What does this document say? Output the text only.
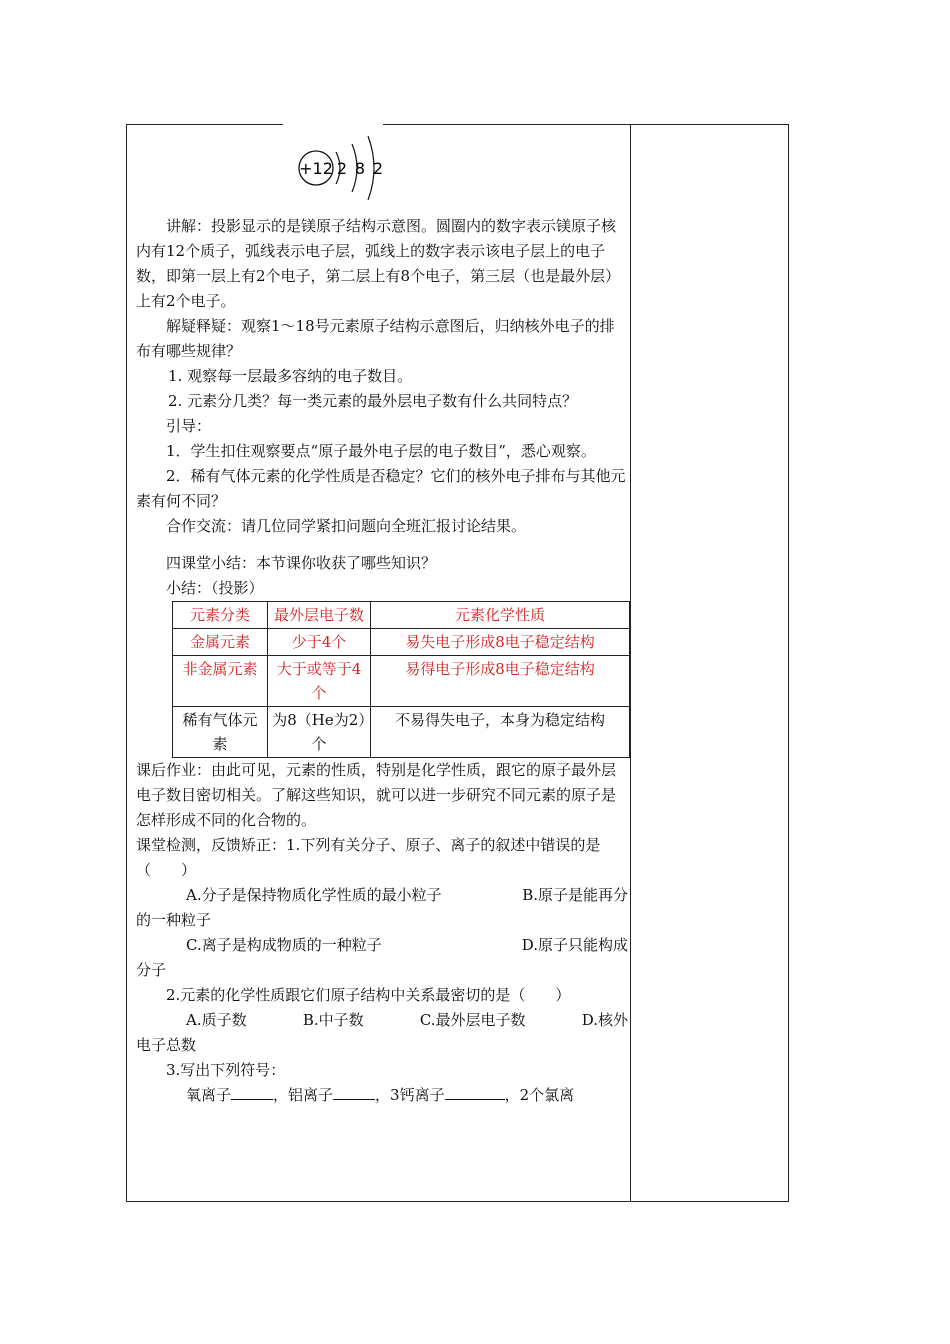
+12 2 8 2

讲解：投影显示的是镁原子结构示意图。圆圈内的数字表示镁原子核内有12个质子，弧线表示电子层，弧线上的数字表示该电子层上的电子数，即第一层上有2个电子，第二层上有8个电子，第三层（也是最外层）上有2个电子。

解疑释疑：观察1～18号元素原子结构示意图后，归纳核外电子的排布有哪些规律？

1. 观察每一层最多容纳的电子数目。

2. 元素分几类？每一类元素的最外层电子数有什么共同特点？

引导：

1．学生扣住观察要点“原子最外电子层的电子数目”，悉心观察。

2．稀有气体元素的化学性质是否稳定？它们的核外电子排布与其他元素有何不同？

合作交流：请几位同学紧扣问题向全班汇报讨论结果。

四课堂小结：本节课你收获了哪些知识？

小结：（投影）

元素分类	最外层电子数	元素化学性质
金属元素	少于4个	易失电子形成8电子稳定结构
非金属元素	大于或等于4个	易得电子形成8电子稳定结构
稀有气体元素	为8（He为2）个	不易得失电子，本身为稳定结构

课后作业：由此可见，元素的性质，特别是化学性质，跟它的原子最外层电子数目密切相关。了解这些知识，就可以进一步研究不同元素的原子是怎样形成不同的化合物的。

课堂检测，反馈矫正：1.下列有关分子、原子、离子的叙述中错误的是（　　）

A.分子是保持物质化学性质的最小粒子	B.原子是能再分

的一种粒子

C.离子是构成物质的一种粒子	D.原子只能构成

分子

2.元素的化学性质跟它们原子结构中关系最密切的是（　　）

A.质子数	B.中子数	C.最外层电子数	D.核外

电子总数

3.写出下列符号：

氧离子	，铝离子	，3钙离子	，2个氯离
